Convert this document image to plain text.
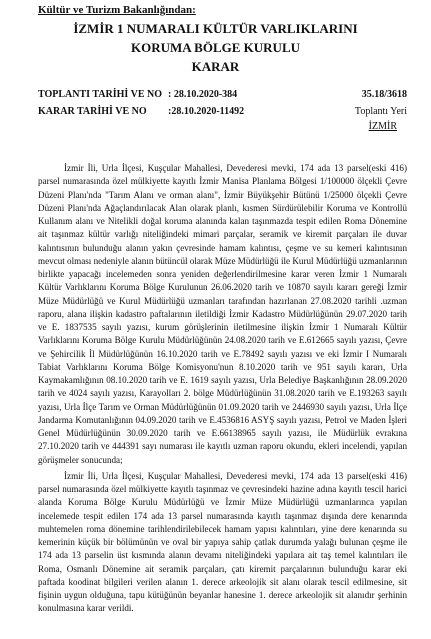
Kültür ve Turizm Bakanlığından:
İZMİR 1 NUMARALI KÜLTÜR VARLIKLARINI
KORUMA BÖLGE KURULU
KARAR
TOPLANTI TARİHİ VE NO : 28.10.2020-384	35.18/3618
KARAR TARİHİ VE NO :28.10.2020-11492	Toplantı Yeri
İZMİR

İzmir İli, Urla İlçesi, Kuşçular Mahallesi, Devederesi mevki, 174 ada 13 parsel(eski 416) parsel numarasında özel mülkiyette kayıtlı İzmir Manisa Planlama Bölgesi 1/100000 ölçekli Çevre Düzeni Planı'nda "Tarım Alanı ve orman alanı", İzmir Büyükşehir Bütünü 1/25000 ölçekli Çevre Düzeni Planı'nda Ağaçlandırılacak Alan olarak planlı, kısmen Sürdürülebilir Koruma ve Kontrollü Kullanım alanı ve Nitelikli doğal koruma alanında kalan taşınmazda tespit edilen Roma Dönemine ait taşınmaz kültür varlığı niteliğindeki mimari parçalar, seramik ve kiremit parçaları ile duvar kalıntısının bulunduğu alanın yakın çevresinde hamam kalıntısı, çeşme ve su kemeri kalıntısının mevcut olması nedeniyle alanın bütüncül olarak Müze Müdürlüğü ile Kurul Müdürlüğü uzmanlarının birlikte yapacağı incelemeden sonra yeniden değerlendirilmesine karar veren İzmir 1 Numaralı Kültür Varlıklarını Koruma Bölge Kurulunun 26.06.2020 tarih ve 10870 sayılı kararı gereği İzmir Müze Müdürlüğü ve Kurul Müdürlüğü uzmanları tarafından hazırlanan 27.08.2020 tarihli .uzman raporu, alana ilişkin kadastro paftalarının iletildiği İzmir Kadastro Müdürlüğünün 29.07.2020 tarih ve E. 1837535 sayılı yazısı, kurum görüşlerinin iletilmesine ilişkin İzmir 1 Numaralı Kültür Varlıklarını Koruma Bölge Kurulu Müdürlüğünün 24.08.2020 tarih ve E.612665 sayılı yazısı, Çevre ve Şehircilik İl Müdürlüğünün 16.10.2020 tarih ve E.78492 sayılı yazısı ve eki İzmir I Numaralı Tabiat Varlıklarını Koruma Bölge Komisyonu'nun 8.10.2020 tarih ve 951 sayılı kararı, Urla Kaymakamlığının 08.10.2020 tarih ve E. 1619 sayılı yazısı, Urla Belediye Başkanlığının 28.09.2020 tarih ve 4024 sayılı yazısı, Karayolları 2. bölge Müdürlüğünün 31.08.2020 tarih ve E.193263 sayılı yazısı, Urla İlçe Tarım ve Orman Müdürlüğünün 01.09.2020 tarih ve 2446930 sayılı yazısı, Urla İlçe Jandarma Komutanlığının 04.09.2020 tarih ve E.4536816 ASYŞ sayılı yazısı, Petrol ve Maden İşleri Genel Müdürlüğünün 30.09.2020 tarih ve E.66138965 sayılı yazısı, ile Müdürlük evrakına 27.10.2020 tarih ve 444391 sayı numarası ile kayıtlı uzman raporu okundu, ekleri incelendi, yapılan görüşmeler sonucunda;

İzmir İli, Urla İlçesi, Kuşçular Mahallesi, Devederesi mevki, 174 ada 13 parsel(eski 416) parsel numarasında özel mülkiyette kayıtlı taşınmaz ve çevresindeki hazine adına kayıtlı tescil harici alanda Koruma Bölge Kurulu Müdürlüğü ve İzmir Müze Müdürlüğü uzmanlarınca yapılan incelemede tespit edilen 174 ada 13 parsel numarasında kayıtlı taşınmaz dışında dere kenarında muhtemelen roma döneminе tarihlendirilebilecek hamam yapısı kalıntıları, yine dere kenarında su kemerinin küçük bir bölümünün ve oval bir yapıya sahip çatlak durumda yalağı bulunan çeşme ile 174 ada 13 parselin üst kısmında alanın devamı niteliğindeki yapılara ait taş temel kalıntıları ile Roma, Osmanlı Dönemine ait seramik parçaları, çatı kiremit parçalarının bulunduğu karar eki paftada koodinat bilgileri verilen alanın 1. derece arkeolojik sit alanı olarak tescil edilmesine, sit fişinin uygun olduğuna, tapu kütüğünün beyanlar hanesine 1. derece arkeolojik sit alanıdır şerhinin konulmasına karar verildi.
